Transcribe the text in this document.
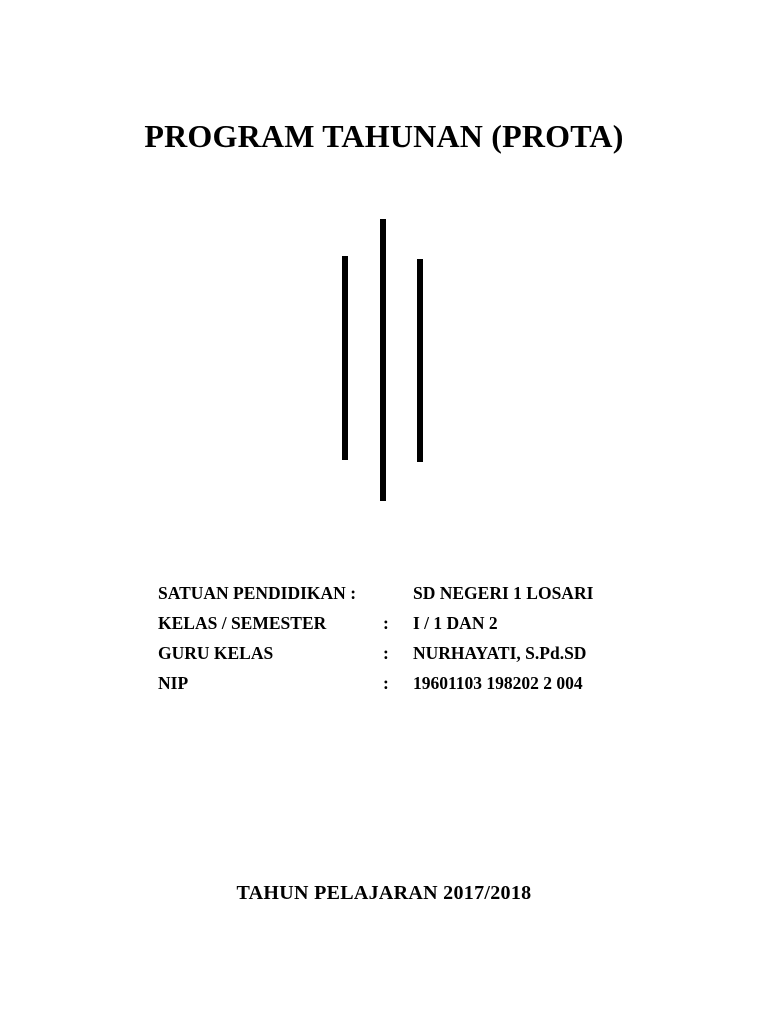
PROGRAM TAHUNAN (PROTA)
SATUAN PENDIDIKAN :	SD NEGERI 1 LOSARI
KELAS / SEMESTER	:	I / 1 DAN 2
GURU KELAS	:	NURHAYATI, S.Pd.SD
NIP	:	19601103 198202 2 004
TAHUN PELAJARAN 2017/2018
